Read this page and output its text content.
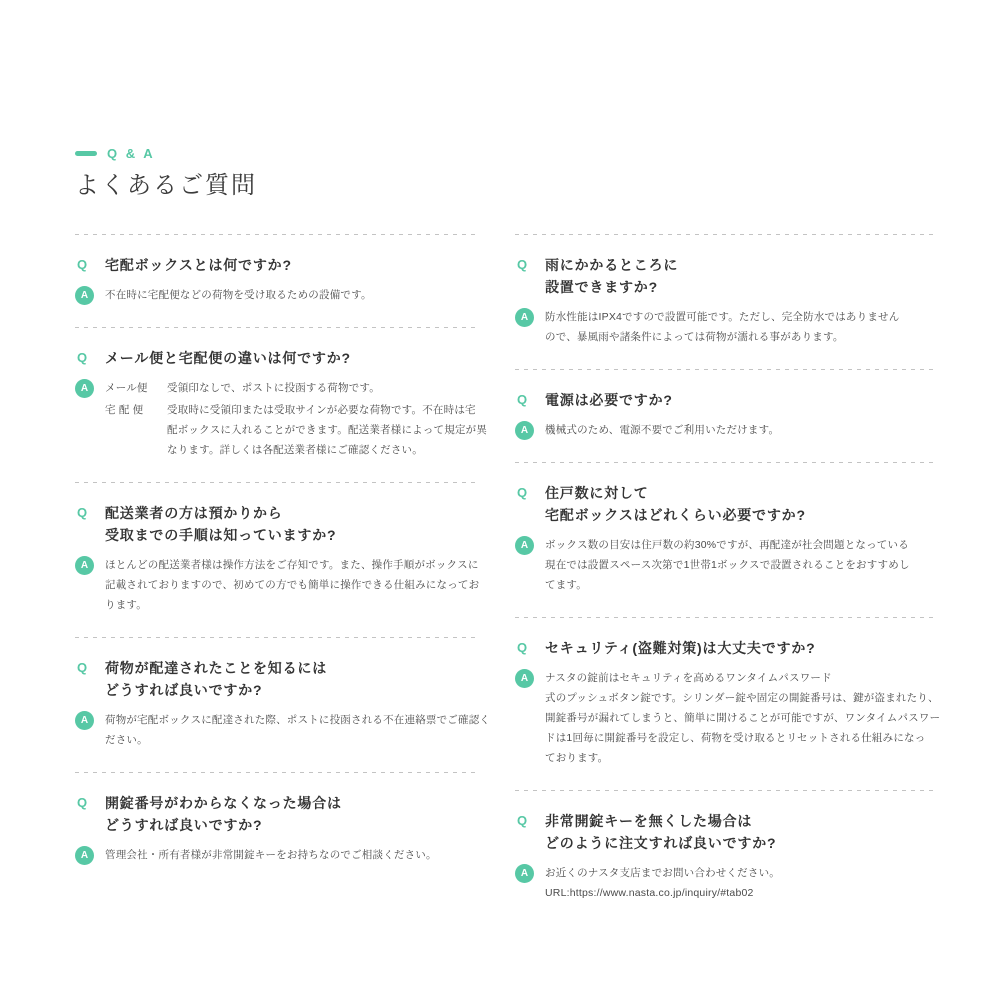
Q & A
よくあるご質問
Q	宅配ボックスとは何ですか?
A	不在時に宅配便などの荷物を受け取るための設備です。

Q	メール便と宅配便の違いは何ですか?
A	メール便	受領印なしで、ポストに投函する荷物です。
宅 配 便	受取時に受領印または受取サインが必要な荷物です。不在時は宅
配ボックスに入れることができます。配送業者様によって規定が異
なります。詳しくは各配送業者様にご確認ください。
Q	配送業者の方は預かりから
受取までの手順は知っていますか?
A	ほとんどの配送業者様は操作方法をご存知です。また、操作手順がボックスに
記載されておりますので、初めての方でも簡単に操作できる仕組みになってお
ります。

Q	荷物が配達されたことを知るには
どうすれば良いですか?
A	荷物が宅配ボックスに配達された際、ポストに投函される不在連絡票でご確認く
ださい。

Q	開錠番号がわからなくなった場合は
どうすれば良いですか?
A	管理会社・所有者様が非常開錠キーをお持ちなのでご相談ください。

Q	雨にかかるところに
設置できますか?
A	防水性能はIPX4ですので設置可能です。ただし、完全防水ではありません
ので、暴風雨や諸条件によっては荷物が濡れる事があります。

Q	電源は必要ですか?
A	機械式のため、電源不要でご利用いただけます。

Q	住戸数に対して
宅配ボックスはどれくらい必要ですか?
A	ボックス数の目安は住戸数の約30%ですが、再配達が社会問題となっている
現在では設置スペース次第で1世帯1ボックスで設置されることをおすすめし
てます。

Q	セキュリティ(盗難対策)は大丈夫ですか?
A	ナスタの錠前はセキュリティを高めるワンタイムパスワード
式のプッシュボタン錠です。シリンダー錠や固定の開錠番号は、鍵が盗まれたり、
開錠番号が漏れてしまうと、簡単に開けることが可能ですが、ワンタイムパスワー
ドは1回毎に開錠番号を設定し、荷物を受け取るとリセットされる仕組みになっ
ております。

Q	非常開錠キーを無くした場合は
どのように注文すれば良いですか?
A	お近くのナスタ支店までお問い合わせください。
URL:https://www.nasta.co.jp/inquiry/#tab02
